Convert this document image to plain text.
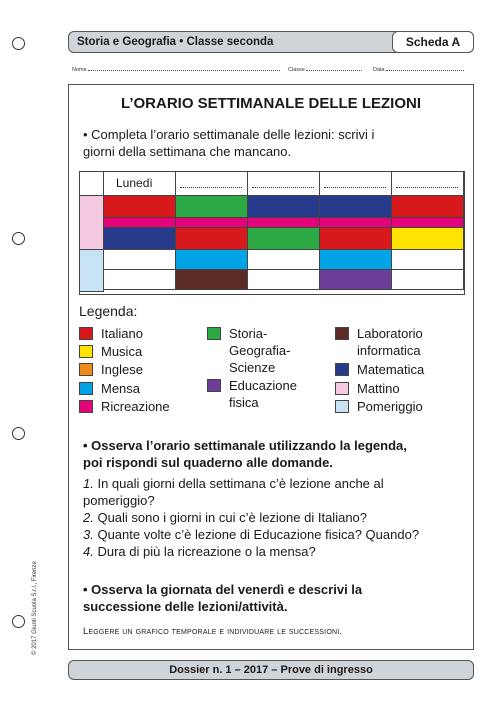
Storia e Geografia • Classe seconda	Scheda A
Nome	Classe	Data
© 2017 Giunti Scuola S.r.l., Firenze
L’ORARIO SETTIMANALE DELLE LEZIONI
• Completa l’orario settimanale delle lezioni: scrivi i
giorni della settimana che mancano.
Lunedì
Legenda:
Italiano
Musica
Inglese
Mensa
Ricreazione
Storia-
Geografia-
Scienze
Educazione
fisica
Laboratorio
informatica
Matematica
Mattino
Pomeriggio
• Osserva l’orario settimanale utilizzando la legenda,
poi rispondi sul quaderno alle domande.
1. In quali giorni della settimana c’è lezione anche al
pomeriggio?
2. Quali sono i giorni in cui c’è lezione di Italiano?
3. Quante volte c’è lezione di Educazione fisica? Quando?
4. Dura di più la ricreazione o la mensa?
• Osserva la giornata del venerdì e descrivi la
successione delle lezioni/attività.
Leggere un grafico temporale e individuare le successioni.
Dossier n. 1 – 2017 – Prove di ingresso
